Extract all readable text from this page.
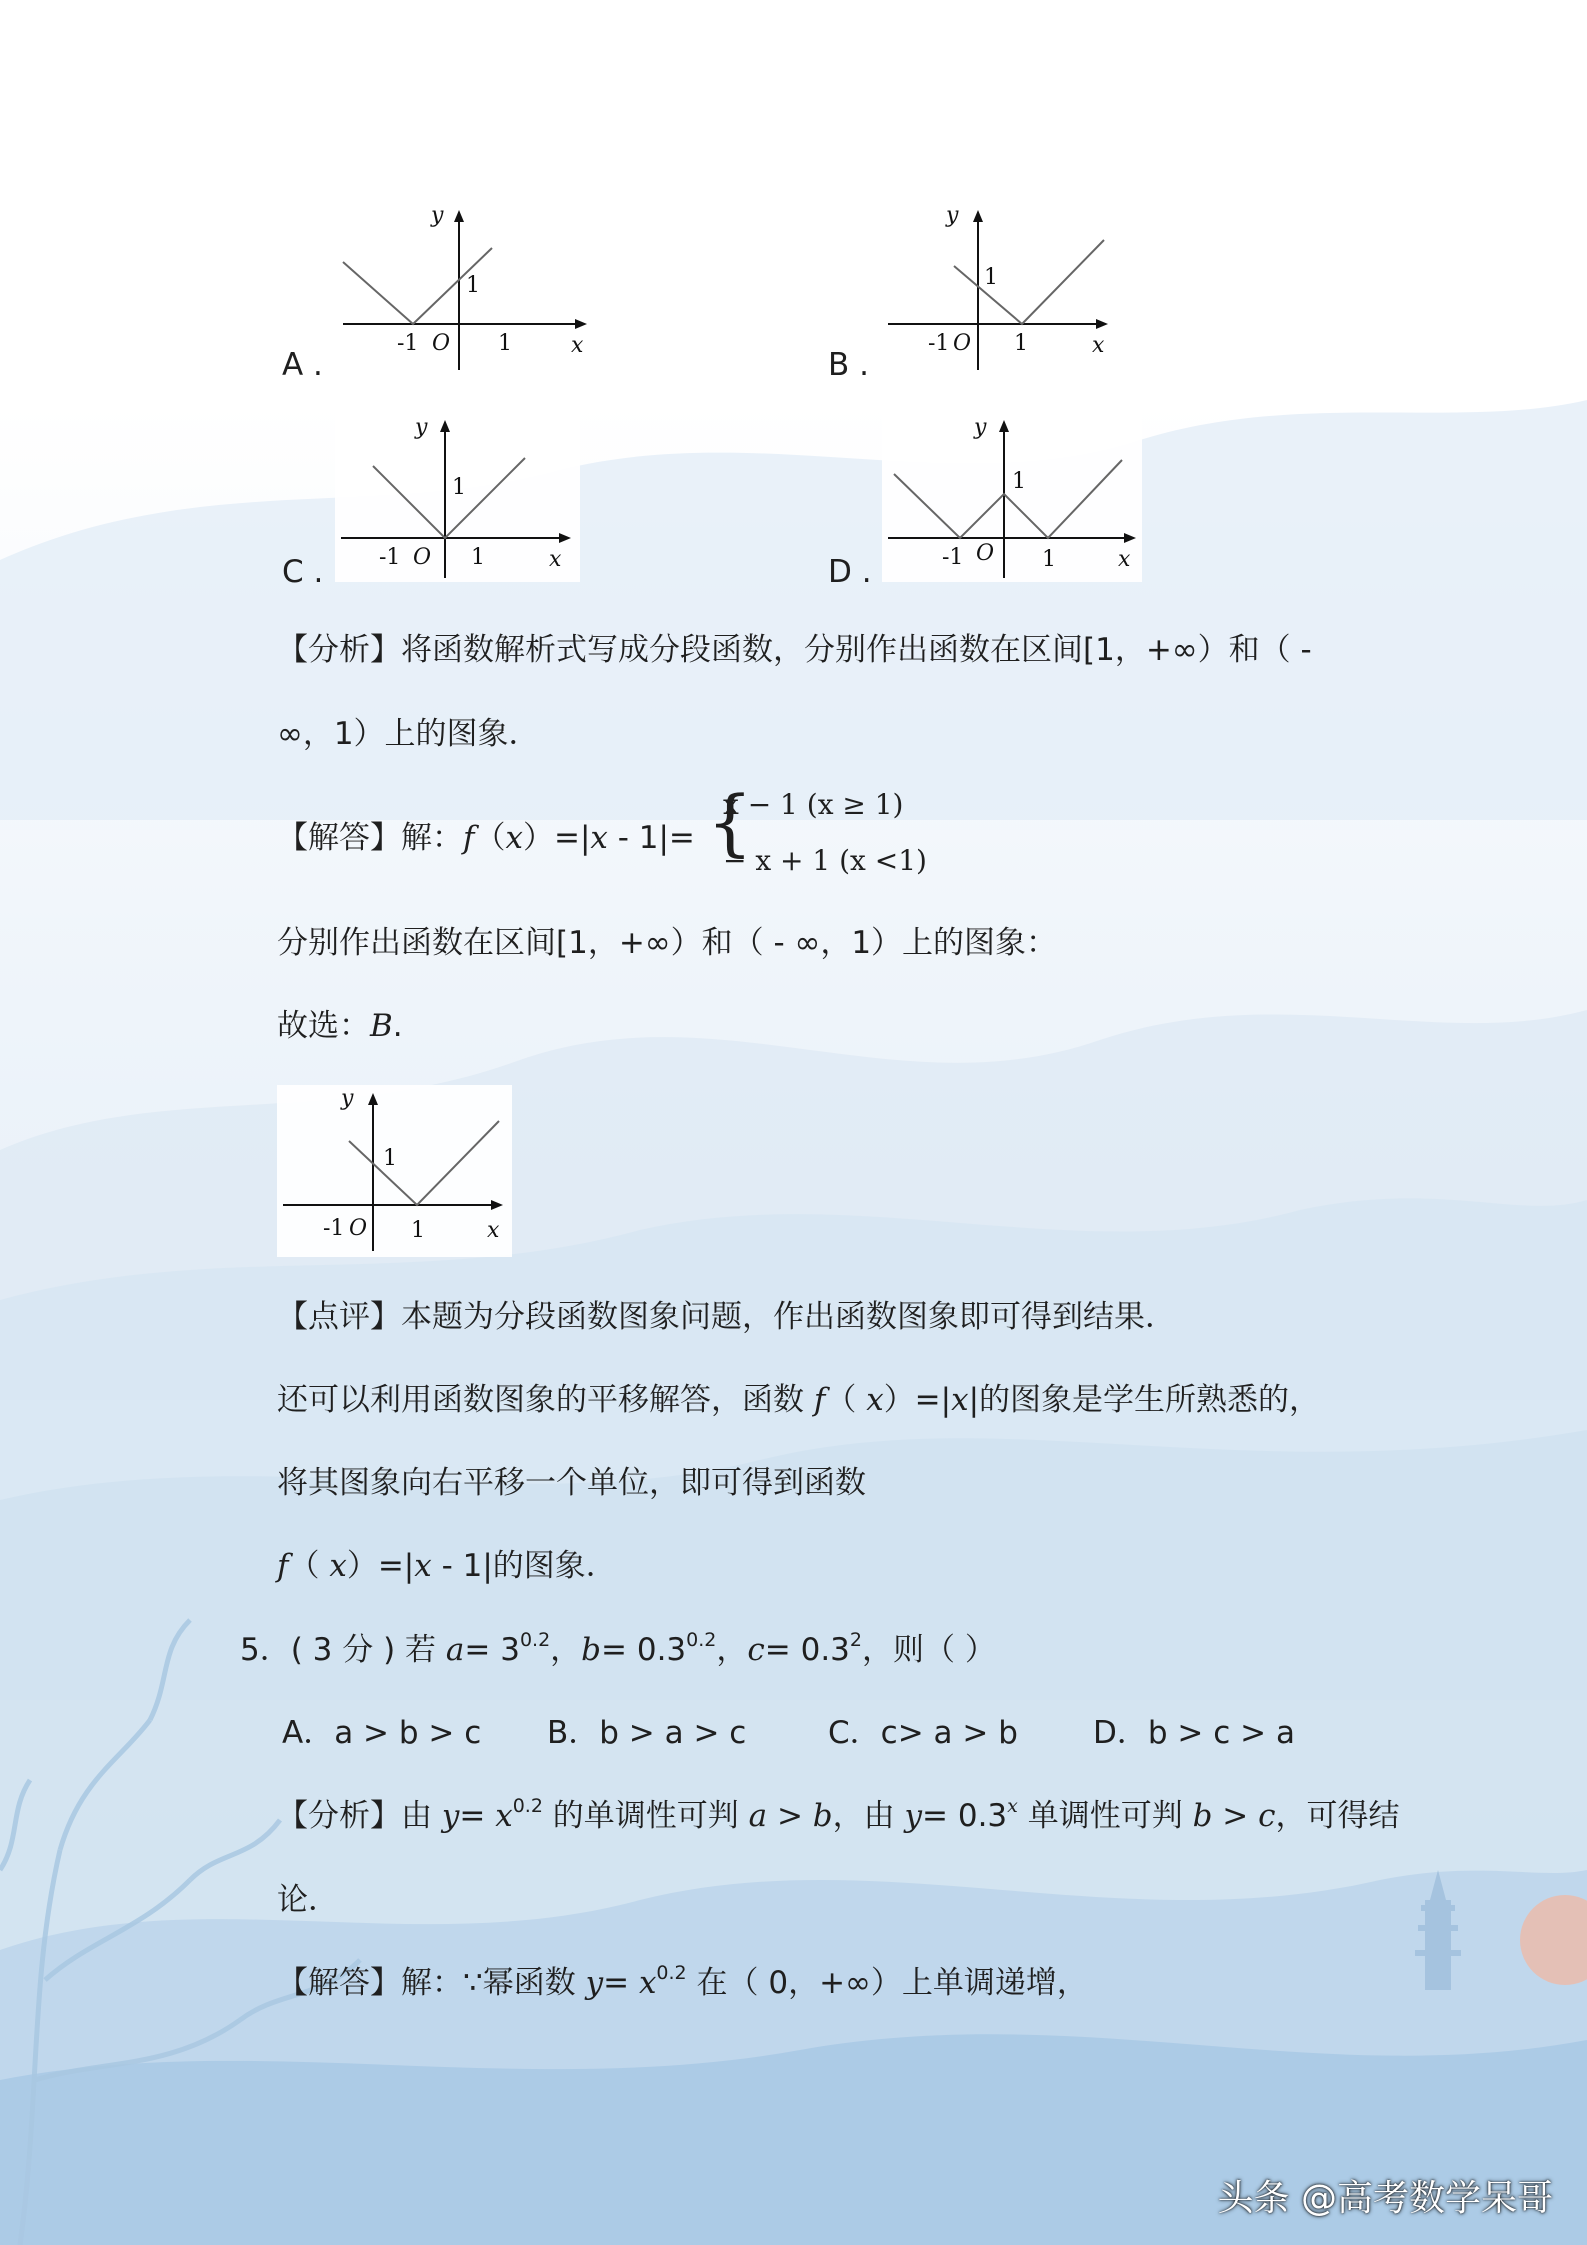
A .
y
1
-1 O 1	x
B .
y
1
-1 O 1	x
C .
y
1
-1 O 1	x	D .
y
1
-1 O 1	x
【分析】将函数解析式写成分段函数，分别作出函数在区间[1，+∞）和（ -
∞，1）上的图象．
【解答】解：f（x）=|x - 1|= {
x − 1 (x ≥ 1)
− x + 1 (x <1)
分别作出函数在区间[1，+∞）和（ - ∞，1）上的图象：
故选：B.
y
1
-1 O 1	x
【点评】本题为分段函数图象问题，作出函数图象即可得到结果．
还可以利用函数图象的平移解答，函数 f（ x）=|x|的图象是学生所熟悉的，
将其图象向右平移一个单位，即可得到函数
f（ x）=|x - 1|的图象．
5．( 3 分 ) 若 $a= 3^{0.2}$，$b= 0.3^{0.2}$，$c= 0.3^2$，则（ ）
A．a > b > c B．b > a > c	C．c> a > b D．b > c > a
【分析】由 $y= x^{0.2}$ 的单调性可判 a > b，由 $y= 0.3^x$ 单调性可判 b > c，可得结
论．
【解答】解：∵幂函数 $y= x^{0.2}$ 在（ 0，+∞）上单调递增，
头条 @高考数学呆哥
